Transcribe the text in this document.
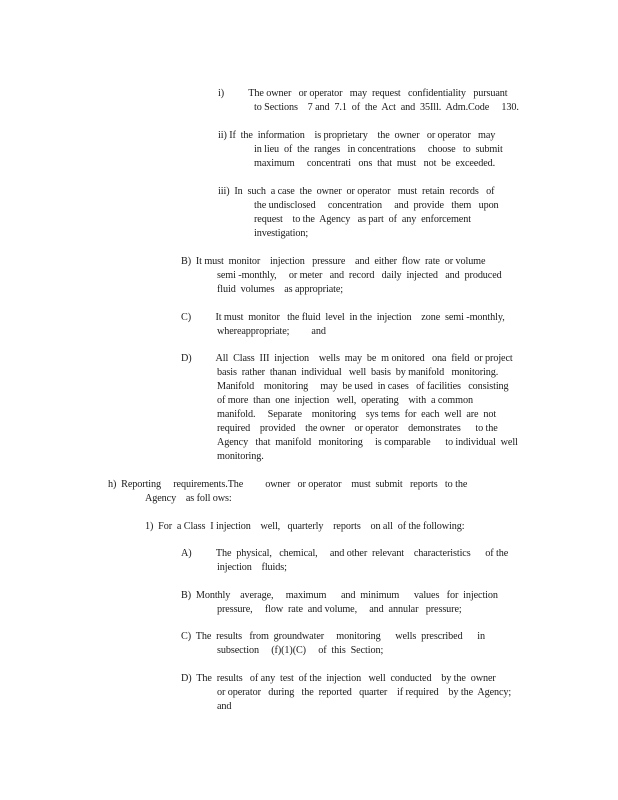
i)          The owner   or operator   may  request   confidentiality   pursuant
to Sections    7 and  7.1  of  the  Act  and  35Ill.  Adm.Code     130.
ii) If  the  information    is proprietary    the  owner   or operator   may
in lieu  of  the  ranges   in concentrations     choose   to  submit
maximum     concentrati   ons  that  must   not  be  exceeded.
iii)  In  such  a case  the  owner  or operator   must  retain  records   of
the undisclosed     concentration     and  provide   them   upon
request    to the  Agency   as part  of  any  enforcement
investigation;
B)  It must  monitor    injection   pressure    and  either  flow  rate  or volume
semi -monthly,     or meter   and  record   daily  injected   and  produced
fluid  volumes    as appropriate;
C)          It must  monitor   the fluid  level  in the  injection    zone  semi -monthly,
whereappropriate;         and
D)          All  Class  III  injection    wells  may  be  m onitored   ona  field  or project
basis  rather  thanan  individual   well  basis  by manifold   monitoring.
Manifold    monitoring     may  be used  in cases   of facilities   consisting
of more  than  one  injection   well,  operating    with  a common
manifold.     Separate    monitoring    sys tems  for  each  well  are  not
required    provided    the owner    or operator    demonstrates      to the
Agency   that  manifold   monitoring     is comparable      to individual  well
monitoring.
h)  Reporting     requirements.The         owner   or operator    must  submit   reports   to the
Agency    as foll ows:
1)  For  a Class  I injection    well,   quarterly    reports    on all  of the following:
A)          The  physical,   chemical,     and other  relevant    characteristics      of the
injection    fluids;
B)  Monthly    average,     maximum      and  minimum      values   for  injection
pressure,     flow  rate  and volume,     and  annular   pressure;
C)  The  results   from  groundwater     monitoring      wells  prescribed      in
subsection     (f)(1)(C)     of  this  Section;
D)  The  results   of any  test  of the  injection   well  conducted    by the  owner
or operator   during   the  reported   quarter    if required    by the  Agency;
and
